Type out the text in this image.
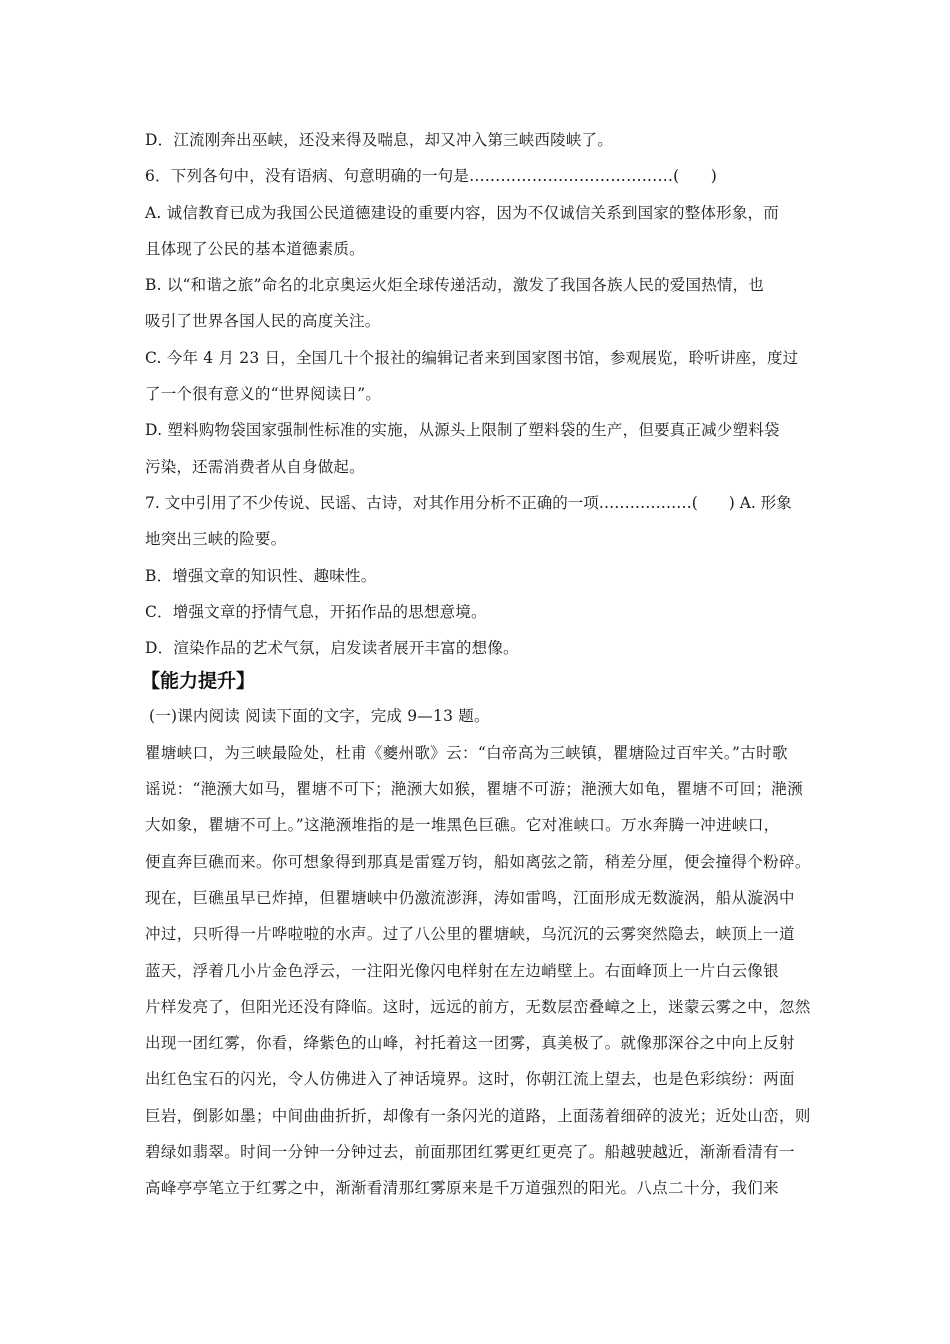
D．江流刚奔出巫峡，还没来得及喘息，却又冲入第三峡西陵峡了。
6．下列各句中，没有语病、句意明确的一句是…………………………………(　　)
A. 诚信教育已成为我国公民道德建设的重要内容，因为不仅诚信关系到国家的整体形象，而
且体现了公民的基本道德素质。
B. 以“和谐之旅”命名的北京奥运火炬全球传递活动，激发了我国各族人民的爱国热情，也
吸引了世界各国人民的高度关注。
C. 今年 4 月 23 日，全国几十个报社的编辑记者来到国家图书馆，参观展览，聆听讲座，度过
了一个很有意义的“世界阅读日”。
D. 塑料购物袋国家强制性标准的实施，从源头上限制了塑料袋的生产，但要真正减少塑料袋
污染，还需消费者从自身做起。
7. 文中引用了不少传说、民谣、古诗，对其作用分析不正确的一项………………(　　) A. 形象
地突出三峡的险要。
B．增强文章的知识性、趣味性。
C．增强文章的抒情气息，开拓作品的思想意境。
D．渲染作品的艺术气氛，启发读者展开丰富的想像。
【能力提升】
(一)课内阅读 阅读下面的文字，完成 9—13 题。
瞿塘峡口，为三峡最险处，杜甫《夔州歌》云：“白帝高为三峡镇，瞿塘险过百牢关。”古时歌
谣说：“滟滪大如马，瞿塘不可下；滟滪大如猴，瞿塘不可游；滟滪大如龟，瞿塘不可回；滟滪
大如象，瞿塘不可上。”这滟滪堆指的是一堆黑色巨礁。它对准峡口。万水奔腾一冲进峡口，
便直奔巨礁而来。你可想象得到那真是雷霆万钧，船如离弦之箭，稍差分厘，便会撞得个粉碎。
现在，巨礁虽早已炸掉，但瞿塘峡中仍激流澎湃，涛如雷鸣，江面形成无数漩涡，船从漩涡中
冲过，只听得一片哗啦啦的水声。过了八公里的瞿塘峡，乌沉沉的云雾突然隐去，峡顶上一道
蓝天，浮着几小片金色浮云，一注阳光像闪电样射在左边峭壁上。右面峰顶上一片白云像银
片样发亮了，但阳光还没有降临。这时，远远的前方，无数层峦叠嶂之上，迷蒙云雾之中，忽然
出现一团红雾，你看，绛紫色的山峰，衬托着这一团雾，真美极了。就像那深谷之中向上反射
出红色宝石的闪光，令人仿佛进入了神话境界。这时，你朝江流上望去，也是色彩缤纷：两面
巨岩，倒影如墨；中间曲曲折折，却像有一条闪光的道路，上面荡着细碎的波光；近处山峦，则
碧绿如翡翠。时间一分钟一分钟过去，前面那团红雾更红更亮了。船越驶越近，渐渐看清有一
高峰亭亭笔立于红雾之中，渐渐看清那红雾原来是千万道强烈的阳光。八点二十分，我们来
